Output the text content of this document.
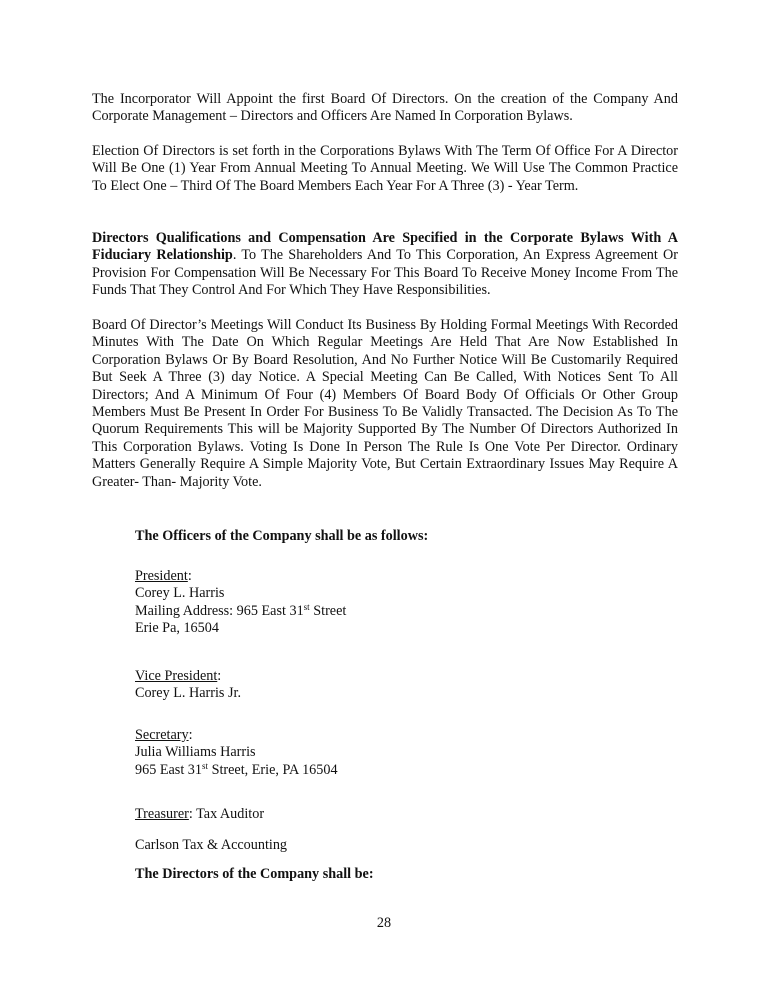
The Incorporator Will Appoint the first Board Of Directors. On the creation of the Company And Corporate Management – Directors and Officers Are Named In Corporation Bylaws.

Election Of Directors is set forth in the Corporations Bylaws With The Term Of Office For A Director Will Be One (1) Year From Annual Meeting To Annual Meeting. We Will Use The Common Practice To Elect One – Third Of The Board Members Each Year For A Three (3) - Year Term.

Directors Qualifications and Compensation Are Specified in the Corporate Bylaws With A Fiduciary Relationship. To The Shareholders And To This Corporation, An Express Agreement Or Provision For Compensation Will Be Necessary For This Board To Receive Money Income From The Funds That They Control And For Which They Have Responsibilities.

Board Of Director’s Meetings Will Conduct Its Business By Holding Formal Meetings With Recorded Minutes With The Date On Which Regular Meetings Are Held That Are Now Established In Corporation Bylaws Or By Board Resolution, And No Further Notice Will Be Customarily Required But Seek A Three (3) day Notice. A Special Meeting Can Be Called, With Notices Sent To All Directors; And A Minimum Of Four (4) Members Of Board Body Of Officials Or Other Group Members Must Be Present In Order For Business To Be Validly Transacted. The Decision As To The Quorum Requirements This will be Majority Supported By The Number Of Directors Authorized In This Corporation Bylaws. Voting Is Done In Person The Rule Is One Vote Per Director. Ordinary Matters Generally Require A Simple Majority Vote, But Certain Extraordinary Issues May Require A Greater- Than- Majority Vote.

The Officers of the Company shall be as follows:
President:
Corey L. Harris
Mailing Address: 965 East 31st Street
Erie Pa, 16504
Vice President:
Corey L. Harris Jr.
Secretary:
Julia Williams Harris
965 East 31st Street, Erie, PA 16504
Treasurer: Tax Auditor
Carlson Tax & Accounting
The Directors of the Company shall be:
28
